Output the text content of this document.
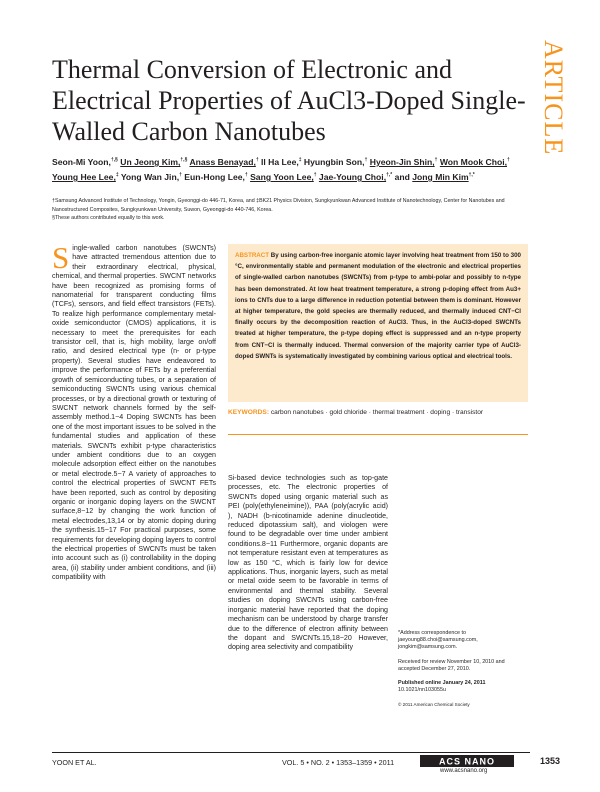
ARTICLE
Thermal Conversion of Electronic and Electrical Properties of AuCl3-Doped Single-Walled Carbon Nanotubes
Seon-Mi Yoon,†,§ Un Jeong Kim,†,§ Anass Benayad,† Il Ha Lee,‡ Hyungbin Son,† Hyeon-Jin Shin,† Won Mook Choi,† Young Hee Lee,‡ Yong Wan Jin,† Eun-Hong Lee,† Sang Yoon Lee,† Jae-Young Choi,†,* and Jong Min Kim†,*
†Samsung Advanced Institute of Technology, Yongin, Gyeonggi-do 446-71, Korea, and ‡BK21 Physics Division, Sungkyunkwan Advanced Institute of Nanotechnology, Center for Nanotubes and Nanostructured Composites, Sungkyunkwan University, Suwon, Gyeonggi-do 440-746, Korea.
§These authors contributed equally to this work.
Single-walled carbon nanotubes (SWCNTs) have attracted tremendous attention due to their extraordinary electrical, physical, chemical, and thermal properties. SWCNT networks have been recognized as promising forms of nanomaterial for transparent conducting films (TCFs), sensors, and field effect transistors (FETs). To realize high performance complementary metal-oxide semiconductor (CMOS) applications, it is necessary to meet the prerequisites for each transistor cell, that is, high mobility, large on/off ratio, and desired electrical type (n- or p-type property). Several studies have endeavored to improve the performance of FETs by a preferential growth of semiconducting tubes, or a separation of semiconducting SWCNTs using various chemical processes, or by a directional growth or texturing of SWCNT network channels formed by the self-assembly method.1−4 Doping SWCNTs has been one of the most important issues to be solved in the fundamental studies and application of these materials. SWCNTs exhibit p-type characteristics under ambient conditions due to an oxygen molecule adsorption effect either on the nanotubes or metal electrode.5−7 A variety of approaches to control the electrical properties of SWCNT FETs have been reported, such as control by depositing organic or inorganic doping layers on the SWCNT surface,8−12 by changing the work function of metal electrodes,13,14 or by atomic doping during the synthesis.15−17 For practical purposes, some requirements for developing doping layers to control the electrical properties of SWCNTs must be taken into account such as (i) controllability in the doping area, (ii) stability under ambient conditions, and (iii) compatibility with
ABSTRACT By using carbon-free inorganic atomic layer involving heat treatment from 150 to 300 °C, environmentally stable and permanent modulation of the electronic and electrical properties of single-walled carbon nanotubes (SWCNTs) from p-type to ambi-polar and possibly to n-type has been demonstrated. At low heat treatment temperature, a strong p-doping effect from Au3+ ions to CNTs due to a large difference in reduction potential between them is dominant. However at higher temperature, the gold species are thermally reduced, and thermally induced CNT−Cl finally occurs by the decomposition reaction of AuCl3. Thus, in the AuCl3-doped SWCNTs treated at higher temperature, the p-type doping effect is suppressed and an n-type property from CNT−Cl is thermally induced. Thermal conversion of the majority carrier type of AuCl3-doped SWNTs is systematically investigated by combining various optical and electrical tools.
KEYWORDS: carbon nanotubes · gold chloride · thermal treatment · doping · transistor
Si-based device technologies such as top-gate processes, etc. The electronic properties of SWCNTs doped using organic material such as PEI (poly(ethyleneimine)), PAA (poly(acrylic acid) ), NADH (b-nicotinamide adenine dinucleotide, reduced dipotassium salt), and viologen were found to be degradable over time under ambient conditions.8−11 Furthermore, organic dopants are not temperature resistant even at temperatures as low as 150 °C, which is fairly low for device applications. Thus, inorganic layers, such as metal or metal oxide seem to be favorable in terms of environmental and thermal stability. Several studies on doping SWCNTs using carbon-free inorganic material have reported that the doping mechanism can be understood by charge transfer due to the difference of electron affinity between the dopant and SWCNTs.15,18−20 However, doping area selectivity and compatibility

*Address correspondence to
jaeyoung88.choi@samsung.com, jongkim@samsung.com.

Received for review November 10, 2010 and accepted December 27, 2010.

Published online January 24, 2011
10.1021/nn103055u

© 2011 American Chemical Society

YOON ET AL.	VOL. 5 • NO. 2 • 1353–1359 • 2011	ACS NANO
www.acsnano.org
1353
